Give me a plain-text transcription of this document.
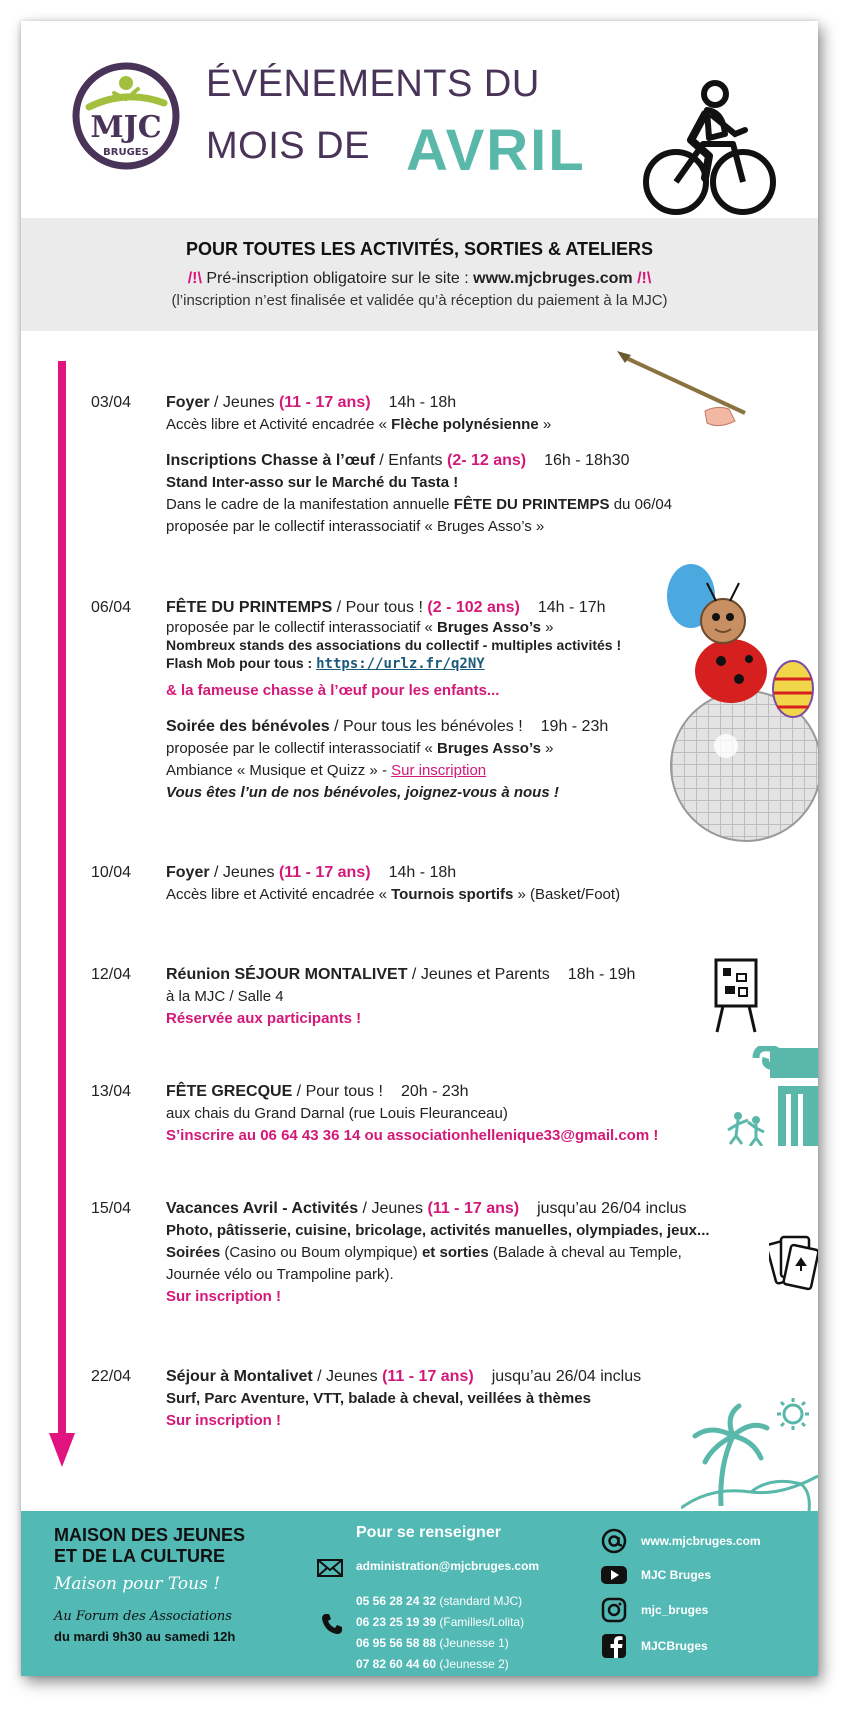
MJC
BRUGES
ÉVÉNEMENTS DU
MOIS DE AVRIL
POUR TOUTES LES ACTIVITÉS, SORTIES & ATELIERS
/!\ Pré-inscription obligatoire sur le site : www.mjcbruges.com /!\
(l’inscription n’est finalisée et validée qu’à réception du paiement à la MJC)
03/04 Foyer / Jeunes (11 - 17 ans) 14h - 18h
Accès libre et Activité encadrée « Flèche polynésienne »
Inscriptions Chasse à l’œuf / Enfants (2- 12 ans) 16h - 18h30
Stand Inter-asso sur le Marché du Tasta !
Dans le cadre de la manifestation annuelle FÊTE DU PRINTEMPS du 06/04
proposée par le collectif interassociatif « Bruges Asso’s »
06/04 FÊTE DU PRINTEMPS / Pour tous ! (2 - 102 ans) 14h - 17h
proposée par le collectif interassociatif « Bruges Asso’s »
Nombreux stands des associations du collectif - multiples activités !
Flash Mob pour tous : https://urlz.fr/q2NY
& la fameuse chasse à l’œuf pour les enfants...
Soirée des bénévoles / Pour tous les bénévoles ! 19h - 23h
proposée par le collectif interassociatif « Bruges Asso’s »
Ambiance « Musique et Quizz » - Sur inscription
Vous êtes l’un de nos bénévoles, joignez-vous à nous !
10/04 Foyer / Jeunes (11 - 17 ans) 14h - 18h
Accès libre et Activité encadrée « Tournois sportifs » (Basket/Foot)
12/04 Réunion SÉJOUR MONTALIVET / Jeunes et Parents 18h - 19h
à la MJC / Salle 4
Réservée aux participants !
13/04 FÊTE GRECQUE / Pour tous ! 20h - 23h
aux chais du Grand Darnal (rue Louis Fleuranceau)
S’inscrire au 06 64 43 36 14 ou associationhellenique33@gmail.com !
15/04 Vacances Avril - Activités / Jeunes (11 - 17 ans) jusqu’au 26/04 inclus
Photo, pâtisserie, cuisine, bricolage, activités manuelles, olympiades, jeux...
Soirées (Casino ou Boum olympique) et sorties (Balade à cheval au Temple,
Journée vélo ou Trampoline park).
Sur inscription !
22/04 Séjour à Montalivet / Jeunes (11 - 17 ans) jusqu’au 26/04 inclus
Surf, Parc Aventure, VTT, balade à cheval, veillées à thèmes
Sur inscription !
MAISON DES JEUNES
ET DE LA CULTURE
Maison pour Tous !
Au Forum des Associations
du mardi 9h30 au samedi 12h
Pour se renseigner
administration@mjcbruges.com
05 56 28 24 32 (standard MJC)
06 23 25 19 39 (Familles/Lolita)
06 95 56 58 88 (Jeunesse 1)
07 82 60 44 60 (Jeunesse 2)
www.mjcbruges.com
MJC Bruges
mjc_bruges
MJCBruges
